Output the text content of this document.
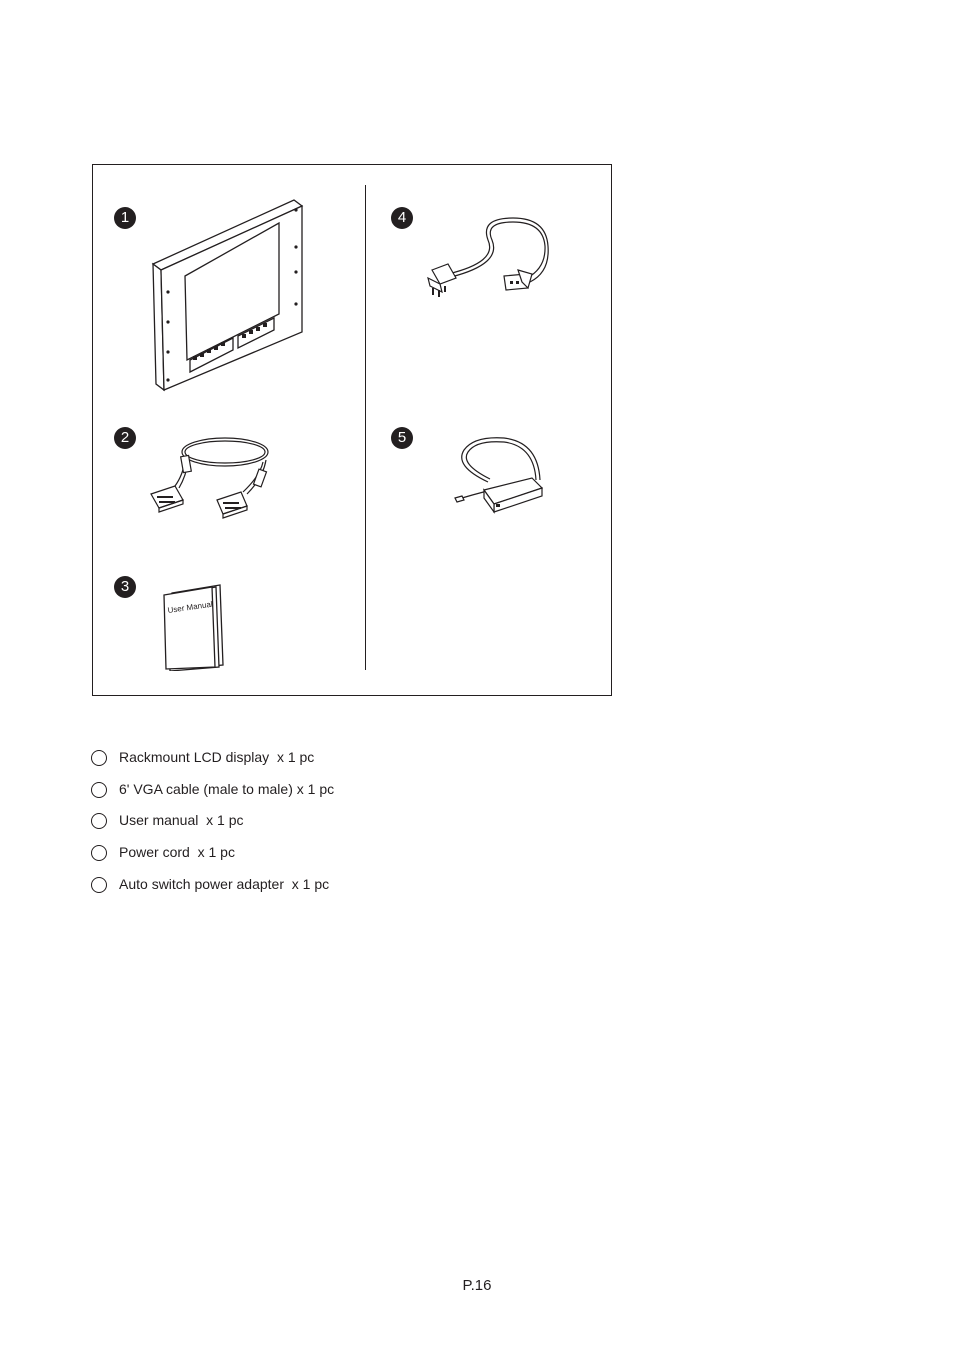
1
2
3
4
5
User Manual
Rackmount LCD display  x 1 pc
6' VGA cable (male to male) x 1 pc
User manual  x 1 pc
Power cord  x 1 pc
Auto switch power adapter  x 1 pc
P.16
